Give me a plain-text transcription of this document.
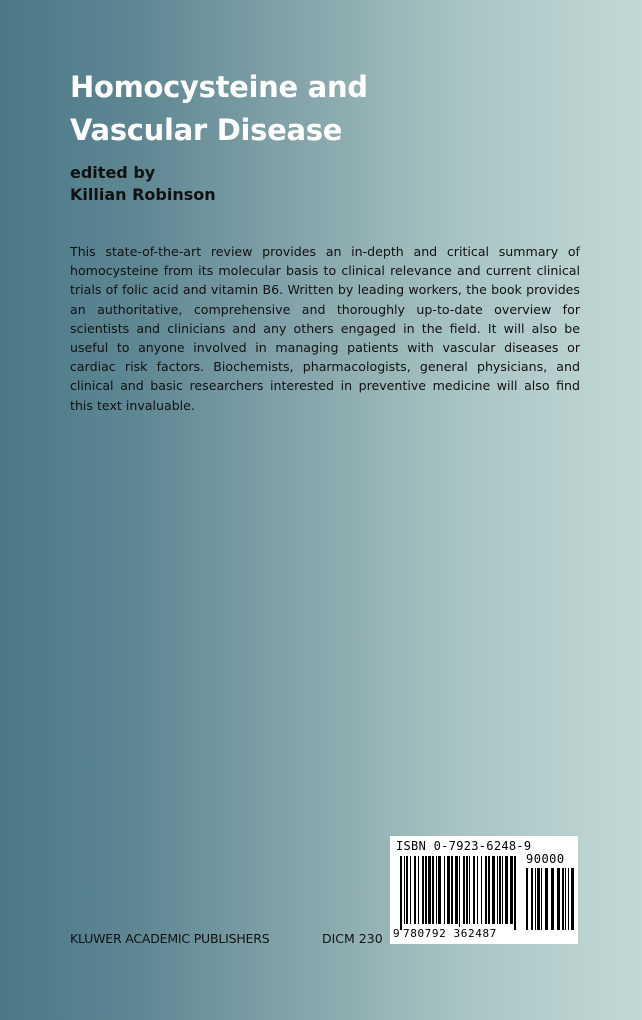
Homocysteine and
Vascular Disease
edited by
Killian Robinson

This state-of-the-art review provides an in-depth and critical summary of homocysteine from its molecular basis to clinical relevance and current clinical trials of folic acid and vitamin B6. Written by leading workers, the book provides an authoritative, comprehensive and thoroughly up-to-date overview for scientists and clinicians and any others engaged in the field. It will also be useful to anyone involved in managing patients with vascular diseases or cardiac risk factors. Biochemists, pharmacologists, general physicians, and clinical and basic researchers interested in preventive medicine will also find this text invaluable.

KLUWER ACADEMIC PUBLISHERS	DICM 230
ISBN 0-7923-6248-9
90000
9 780792 362487
